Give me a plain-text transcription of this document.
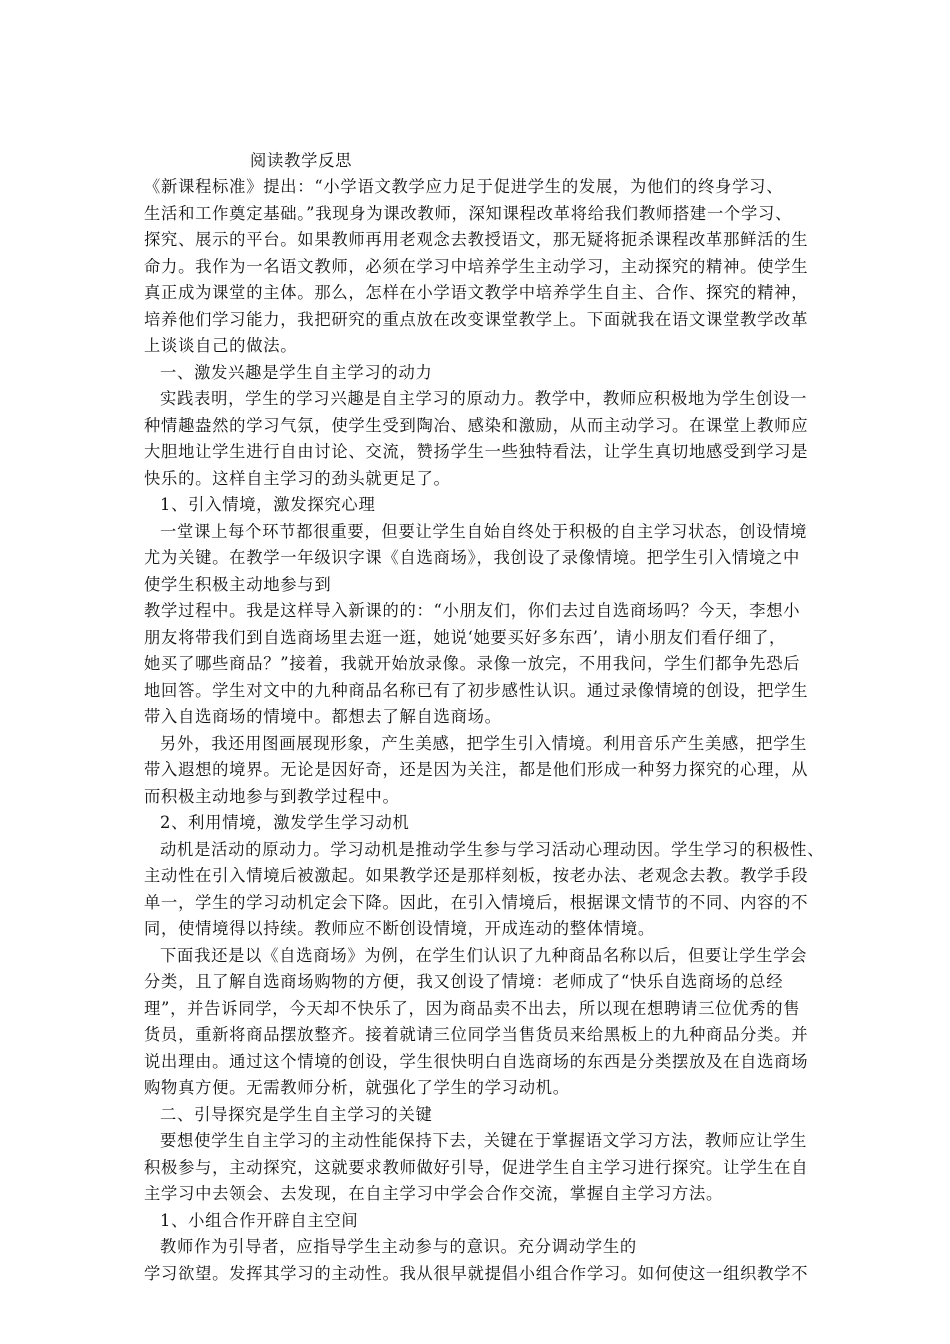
阅读教学反思

《新课程标准》提出：“小学语文教学应力足于促进学生的发展，为他们的终身学习、

生活和工作奠定基础。”我现身为课改教师，深知课程改革将给我们教师搭建一个学习、

探究、展示的平台。如果教师再用老观念去教授语文，那无疑将扼杀课程改革那鲜活的生

命力。我作为一名语文教师，必须在学习中培养学生主动学习，主动探究的精神。使学生

真正成为课堂的主体。那么，怎样在小学语文教学中培养学生自主、合作、探究的精神，

培养他们学习能力，我把研究的重点放在改变课堂教学上。下面就我在语文课堂教学改革

上谈谈自己的做法。

一、激发兴趣是学生自主学习的动力

实践表明，学生的学习兴趣是自主学习的原动力。教学中，教师应积极地为学生创设一

种情趣盎然的学习气氛，使学生受到陶冶、感染和激励，从而主动学习。在课堂上教师应

大胆地让学生进行自由讨论、交流，赞扬学生一些独特看法，让学生真切地感受到学习是

快乐的。这样自主学习的劲头就更足了。

1、引入情境，激发探究心理

一堂课上每个环节都很重要，但要让学生自始自终处于积极的自主学习状态，创设情境

尤为关键。在教学一年级识字课《自选商场》，我创设了录像情境。把学生引入情境之中

使学生积极主动地参与到

教学过程中。我是这样导入新课的的：“小朋友们，你们去过自选商场吗？今天，李想小

朋友将带我们到自选商场里去逛一逛，她说‘她要买好多东西’，请小朋友们看仔细了，

她买了哪些商品？”接着，我就开始放录像。录像一放完，不用我问，学生们都争先恐后

地回答。学生对文中的九种商品名称已有了初步感性认识。通过录像情境的创设，把学生

带入自选商场的情境中。都想去了解自选商场。

另外，我还用图画展现形象，产生美感，把学生引入情境。利用音乐产生美感，把学生

带入遐想的境界。无论是因好奇，还是因为关注，都是他们形成一种努力探究的心理，从

而积极主动地参与到教学过程中。

2、利用情境，激发学生学习动机

动机是活动的原动力。学习动机是推动学生参与学习活动心理动因。学生学习的积极性、

主动性在引入情境后被激起。如果教学还是那样刻板，按老办法、老观念去教。教学手段

单一，学生的学习动机定会下降。因此，在引入情境后，根据课文情节的不同、内容的不

同，使情境得以持续。教师应不断创设情境，开成连动的整体情境。

下面我还是以《自选商场》为例，在学生们认识了九种商品名称以后，但要让学生学会

分类，且了解自选商场购物的方便，我又创设了情境：老师成了“快乐自选商场的总经

理”，并告诉同学，今天却不快乐了，因为商品卖不出去，所以现在想聘请三位优秀的售

货员，重新将商品摆放整齐。接着就请三位同学当售货员来给黑板上的九种商品分类。并

说出理由。通过这个情境的创设，学生很快明白自选商场的东西是分类摆放及在自选商场

购物真方便。无需教师分析，就强化了学生的学习动机。

二、引导探究是学生自主学习的关键

要想使学生自主学习的主动性能保持下去，关键在于掌握语文学习方法，教师应让学生

积极参与，主动探究，这就要求教师做好引导，促进学生自主学习进行探究。让学生在自

主学习中去领会、去发现，在自主学习中学会合作交流，掌握自主学习方法。

1、小组合作开辟自主空间

教师作为引导者，应指导学生主动参与的意识。充分调动学生的

学习欲望。发挥其学习的主动性。我从很早就提倡小组合作学习。如何使这一组织教学不
